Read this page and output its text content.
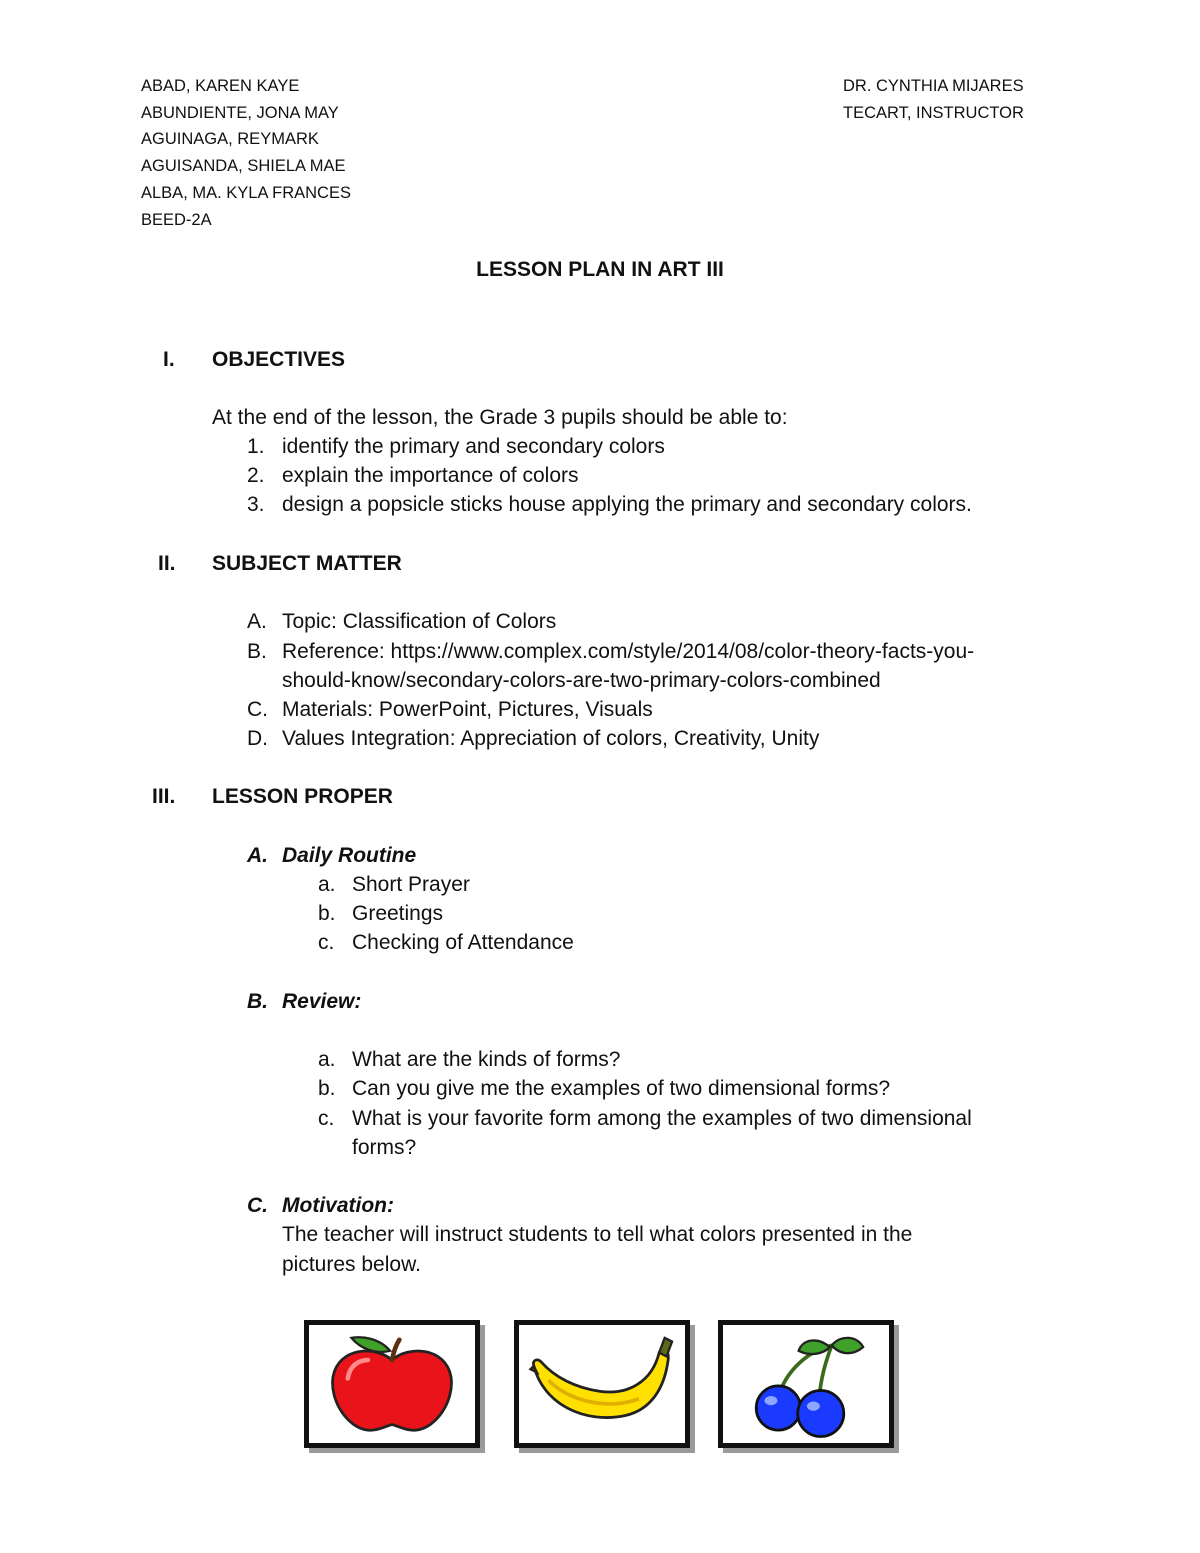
ABAD, KAREN KAYE
ABUNDIENTE, JONA MAY
AGUINAGA, REYMARK
AGUISANDA, SHIELA MAE
ALBA, MA. KYLA FRANCES
BEED-2A
DR. CYNTHIA MIJARES
TECART, INSTRUCTOR
LESSON PLAN IN ART III
I. OBJECTIVES
At the end of the lesson, the Grade 3 pupils should be able to:
1. identify the primary and secondary colors
2. explain the importance of colors
3. design a popsicle sticks house applying the primary and secondary colors.
II. SUBJECT MATTER
A. Topic: Classification of Colors
B. Reference: https://www.complex.com/style/2014/08/color-theory-facts-you-
should-know/secondary-colors-are-two-primary-colors-combined
C. Materials: PowerPoint, Pictures, Visuals
D. Values Integration: Appreciation of colors, Creativity, Unity
III. LESSON PROPER
A. Daily Routine
a. Short Prayer
b. Greetings
c. Checking of Attendance
B. Review:
a. What are the kinds of forms?
b. Can you give me the examples of two dimensional forms?
c. What is your favorite form among the examples of two dimensional
forms?
C. Motivation:
The teacher will instruct students to tell what colors presented in the
pictures below.
